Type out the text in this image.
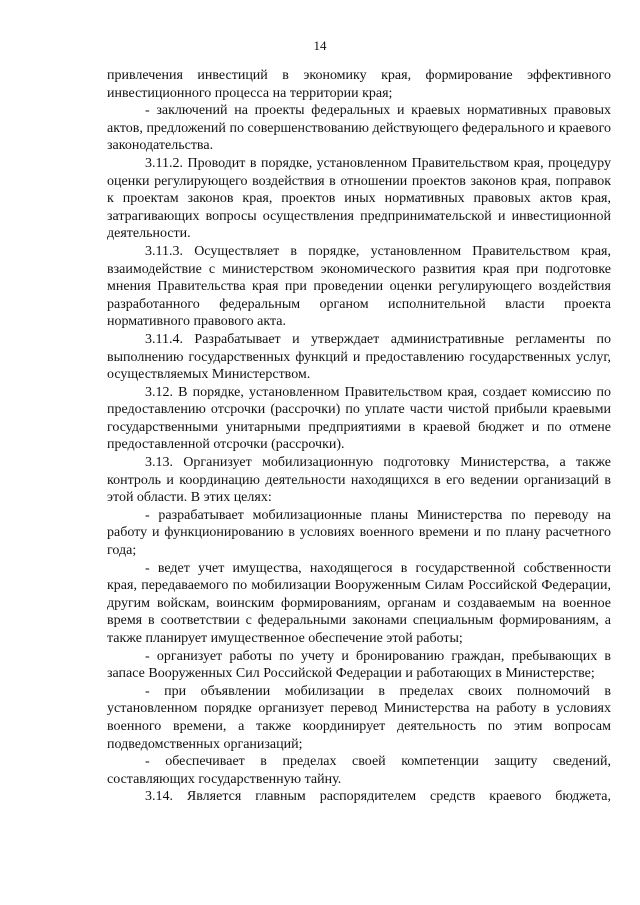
14

привлечения инвестиций в экономику края, формирование эффективного инвестиционного процесса на территории края;

- заключений на проекты федеральных и краевых нормативных правовых актов, предложений по совершенствованию действующего федерального и краевого законодательства.

3.11.2. Проводит в порядке, установленном Правительством края, процедуру оценки регулирующего воздействия в отношении проектов законов края, поправок к проектам законов края, проектов иных нормативных правовых актов края, затрагивающих вопросы осуществления предпринимательской и инвестиционной деятельности.

3.11.3. Осуществляет в порядке, установленном Правительством края, взаимодействие с министерством экономического развития края при подготовке мнения Правительства края при проведении оценки регулирующего воздействия разработанного федеральным органом исполнительной власти проекта нормативного правового акта.

3.11.4. Разрабатывает и утверждает административные регламенты по выполнению государственных функций и предоставлению государственных услуг, осуществляемых Министерством.

3.12. В порядке, установленном Правительством края, создает комиссию по предоставлению отсрочки (рассрочки) по уплате части чистой прибыли краевыми государственными унитарными предприятиями в краевой бюджет и по отмене предоставленной отсрочки (рассрочки).

3.13. Организует мобилизационную подготовку Министерства, а также контроль и координацию деятельности находящихся в его ведении организаций в этой области. В этих целях:

- разрабатывает мобилизационные планы Министерства по переводу на работу и функционированию в условиях военного времени и по плану расчетного года;

- ведет учет имущества, находящегося в государственной собственности края, передаваемого по мобилизации Вооруженным Силам Российской Федерации, другим войскам, воинским формированиям, органам и создаваемым на военное время в соответствии с федеральными законами специальным формированиям, а также планирует имущественное обеспечение этой работы;

- организует работы по учету и бронированию граждан, пребывающих в запасе Вооруженных Сил Российской Федерации и работающих в Министерстве;

- при объявлении мобилизации в пределах своих полномочий в установленном порядке организует перевод Министерства на работу в условиях военного времени, а также координирует деятельность по этим вопросам подведомственных организаций;

- обеспечивает в пределах своей компетенции защиту сведений, составляющих государственную тайну.

3.14. Является главным распорядителем средств краевого бюджета,
